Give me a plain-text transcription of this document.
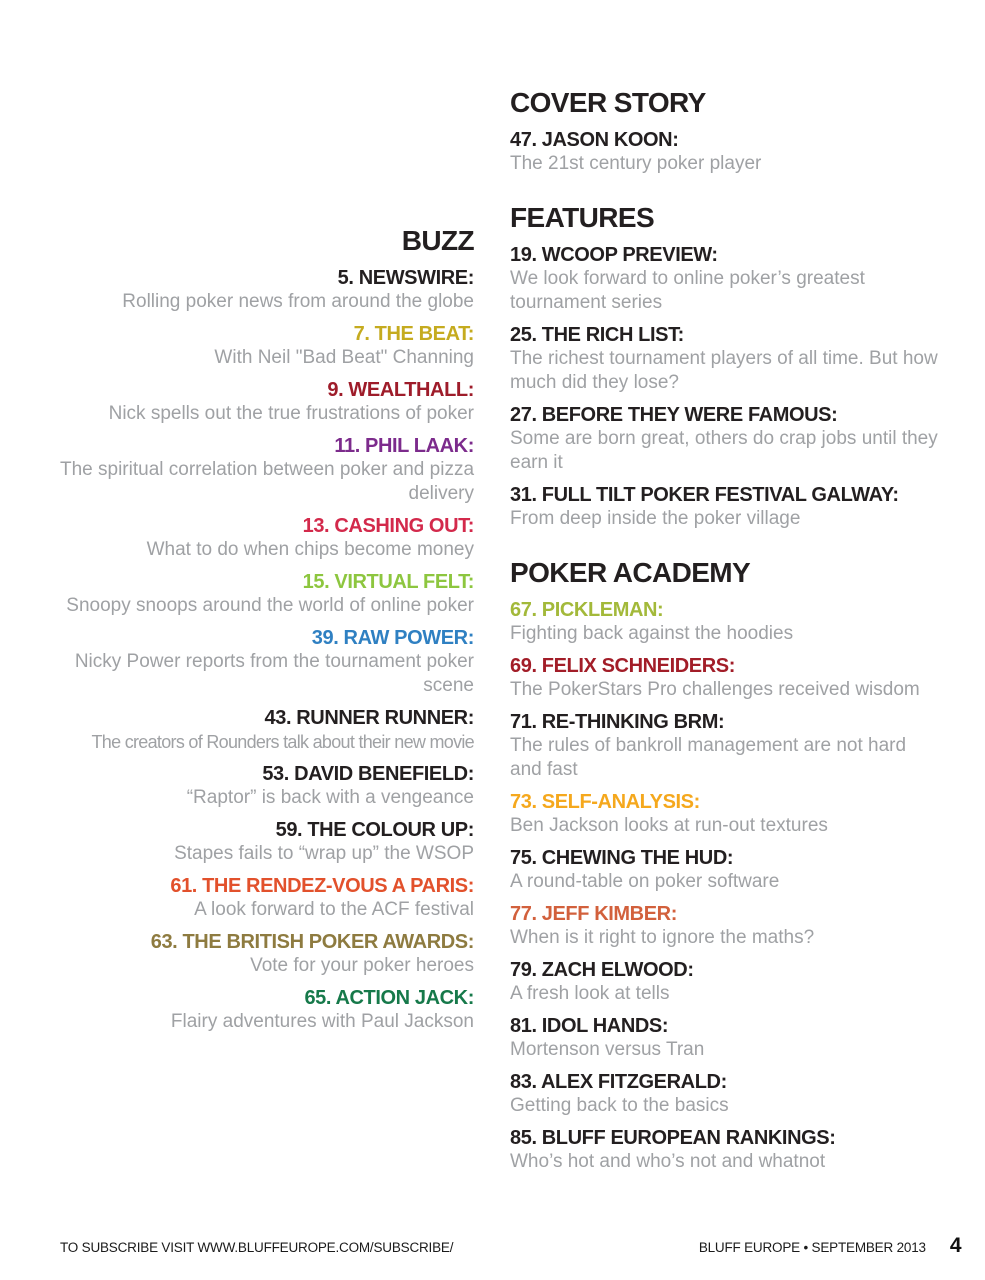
BUZZ
5. NEWSWIRE:
Rolling poker news from around the globe
7. THE BEAT:
With Neil "Bad Beat" Channing
9. WEALTHALL:
Nick spells out the true frustrations of poker
11. PHIL LAAK:
The spiritual correlation between poker and pizza delivery
13. CASHING OUT:
What to do when chips become money
15. VIRTUAL FELT:
Snoopy snoops around the world of online poker
39. RAW POWER:
Nicky Power reports from the tournament poker scene
43. RUNNER RUNNER:
The creators of Rounders talk about their new movie
53. DAVID BENEFIELD:
“Raptor” is back with a vengeance
59. THE COLOUR UP:
Stapes fails to “wrap up” the WSOP
61. THE RENDEZ-VOUS A PARIS:
A look forward to the ACF festival
63. THE BRITISH POKER AWARDS:
Vote for your poker heroes
65. ACTION JACK:
Flairy adventures with Paul Jackson
COVER STORY
47. JASON KOON:
The 21st century poker player
FEATURES
19. WCOOP PREVIEW:
We look forward to online poker’s greatest tournament series
25. THE RICH LIST:
The richest tournament players of all time. But how much did they lose?
27. BEFORE THEY WERE FAMOUS:
Some are born great, others do crap jobs until they earn it
31. FULL TILT POKER FESTIVAL GALWAY:
From deep inside the poker village
POKER ACADEMY
67. PICKLEMAN:
Fighting back against the hoodies
69. FELIX SCHNEIDERS:
The PokerStars Pro challenges received wisdom
71. RE-THINKING BRM:
The rules of bankroll management are not hard and fast
73. SELF-ANALYSIS:
Ben Jackson looks at run-out textures
75. CHEWING THE HUD:
A round-table on poker software
77. JEFF KIMBER:
When is it right to ignore the maths?
79. ZACH ELWOOD:
A fresh look at tells
81. IDOL HANDS:
Mortenson versus Tran
83. ALEX FITZGERALD:
Getting back to the basics
85. BLUFF EUROPEAN RANKINGS:
Who’s hot and who’s not and whatnot
TO SUBSCRIBE VISIT WWW.BLUFFEUROPE.COM/SUBSCRIBE/	BLUFF EUROPE • SEPTEMBER 2013 4
